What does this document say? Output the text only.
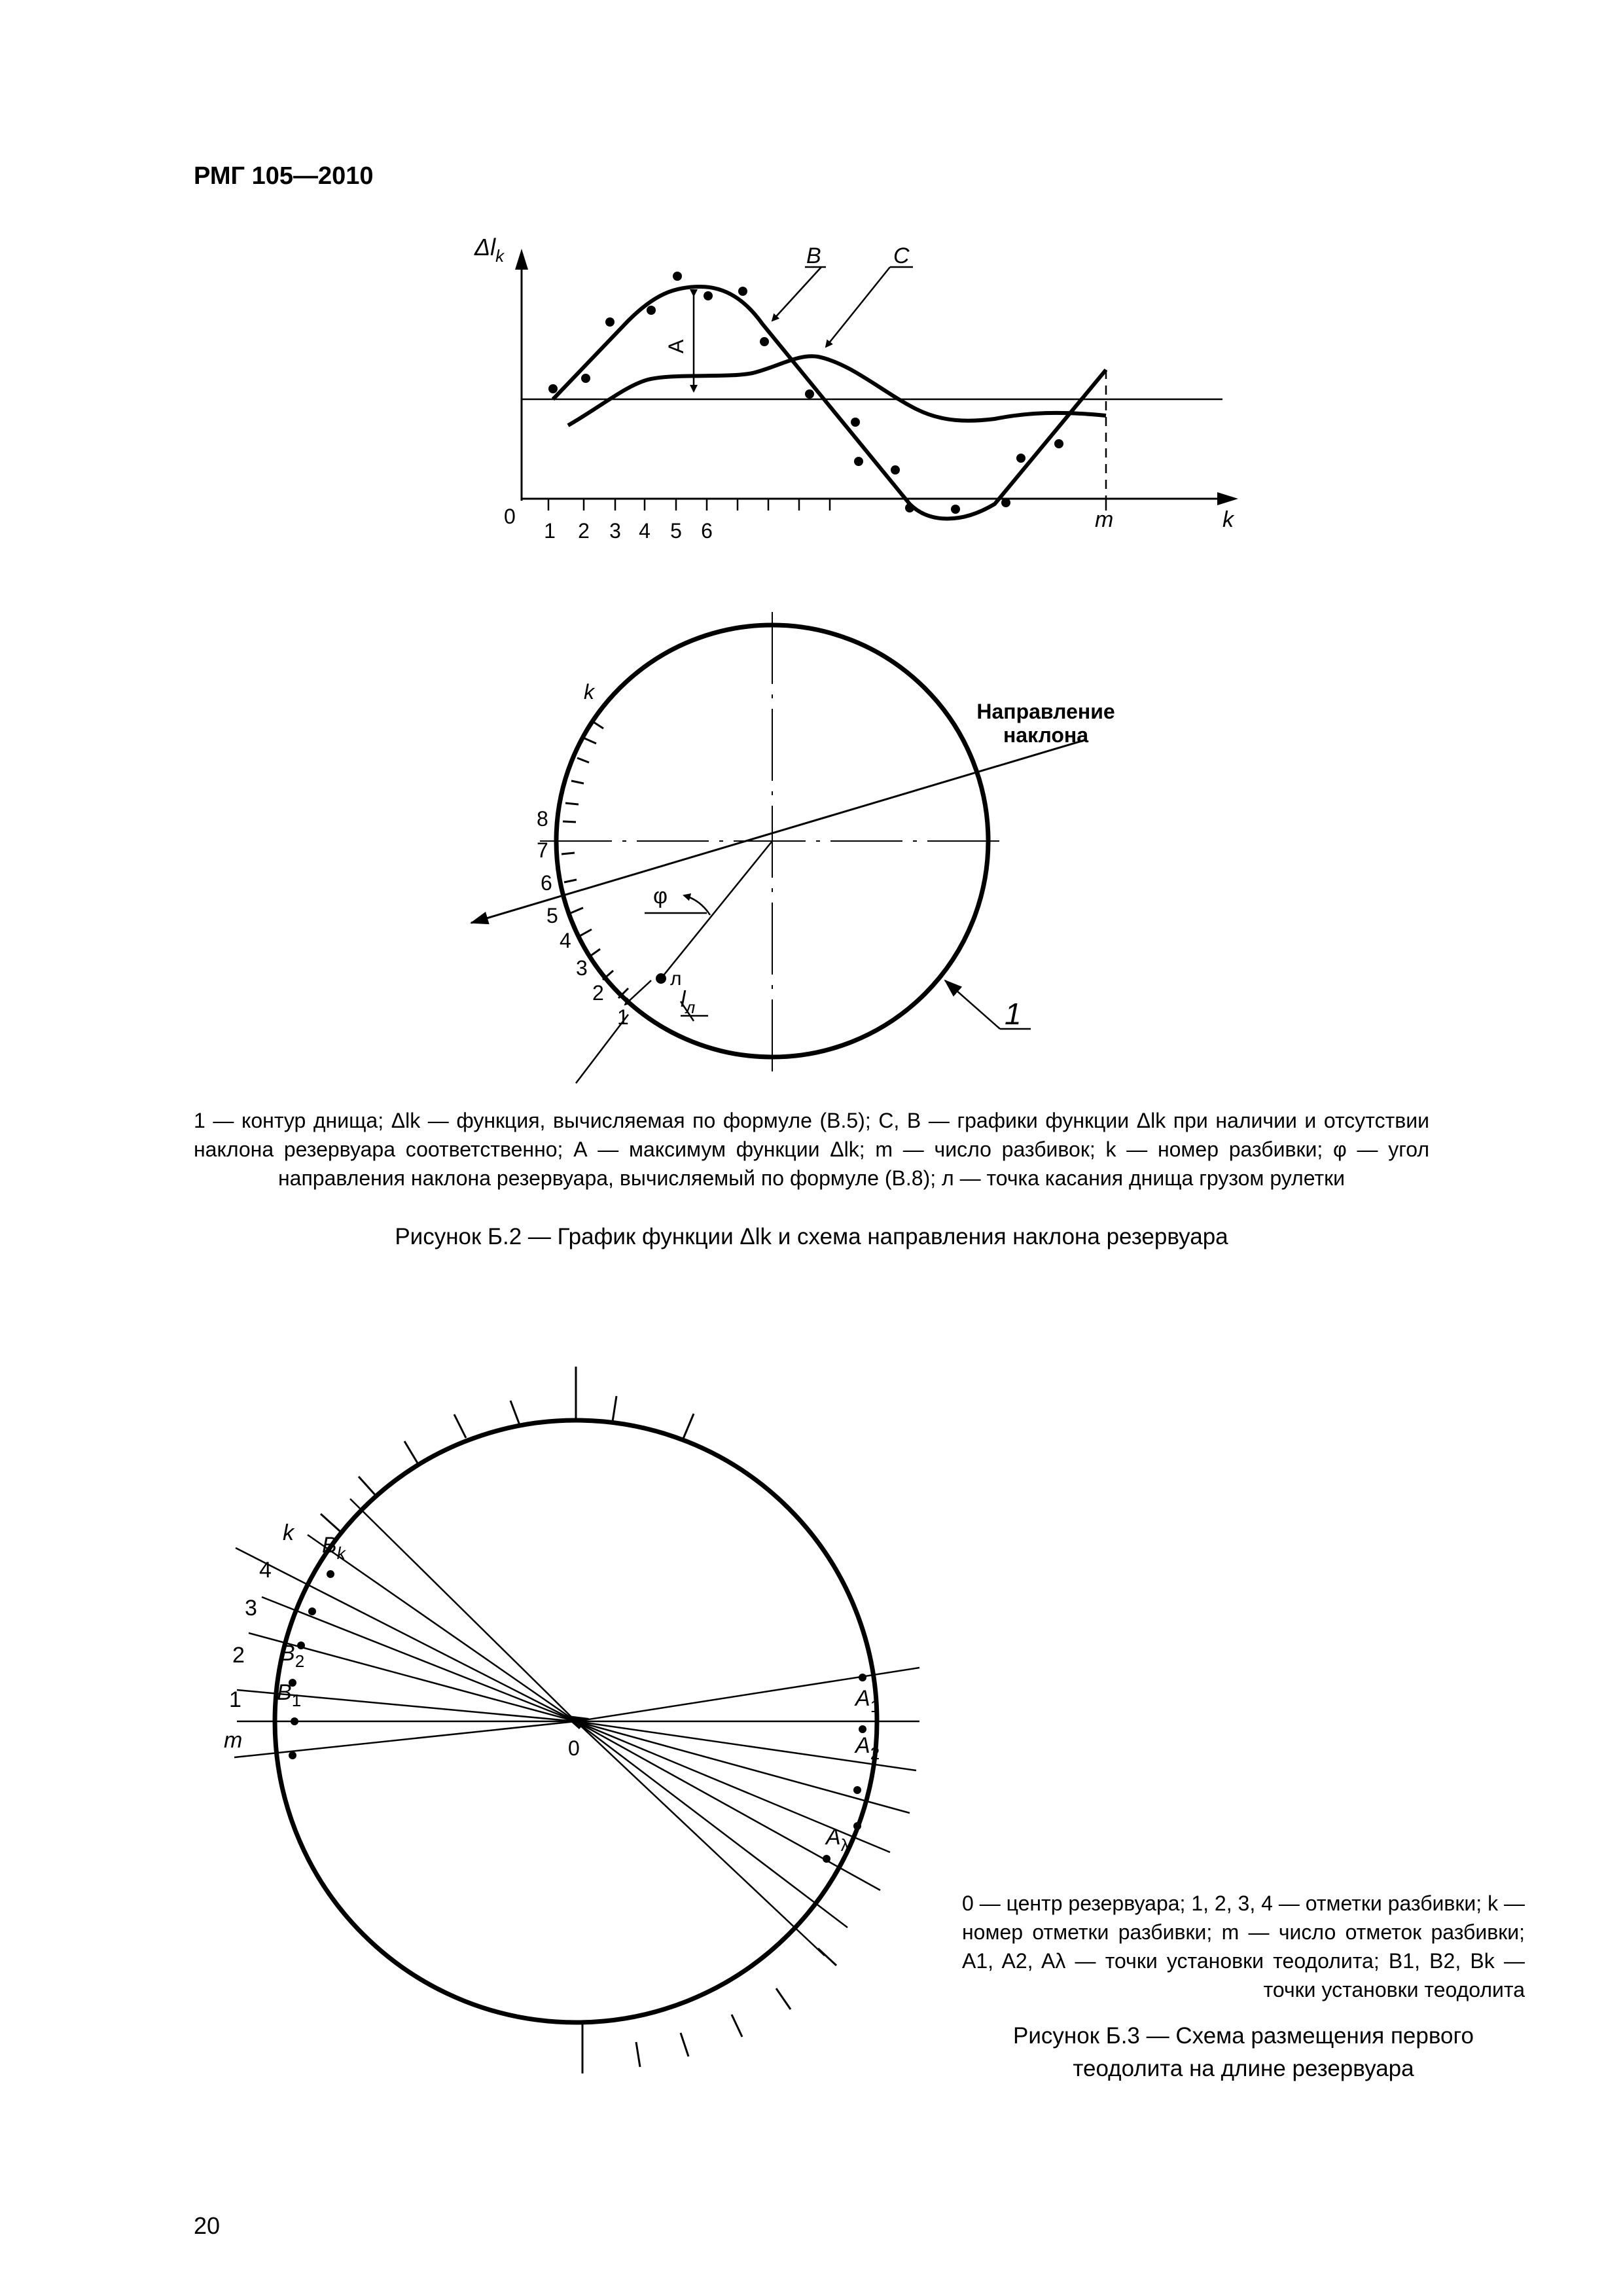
РМГ 105—2010
1 2 3 4 5 6
0	m	k
$\Delta l_k$
A
B	C
k
8
7
6
5
4
3
2
1
Направление
наклона
φ
л
$l_л$	1
k
4
3
2
1
m
$B_k$
$B_2$
$B_1$	$A_1$
$A_2$
$A_\lambda$
0
1 — контур днища; Δlk — функция, вычисляемая по формуле (В.5); С, В — графики функции Δlk при наличии и отсутствии наклона резервуара соответственно; А — максимум функции Δlk; m — число разбивок; k — номер разбивки; φ — угол направления наклона резервуара, вычисляемый по формуле (В.8); л — точка касания днища грузом рулетки
Рисунок Б.2 — График функции Δlk и схема направления наклона резервуара
0 — центр резервуара; 1, 2, 3, 4 — отметки разбивки; k — номер отметки разбивки; m — число отметок разбивки; A1, A2, Aλ — точки установки теодолита; B1, B2, Bk — точки установки теодолита
Рисунок Б.3 — Схема размещения первого теодолита на длине резервуара
20
